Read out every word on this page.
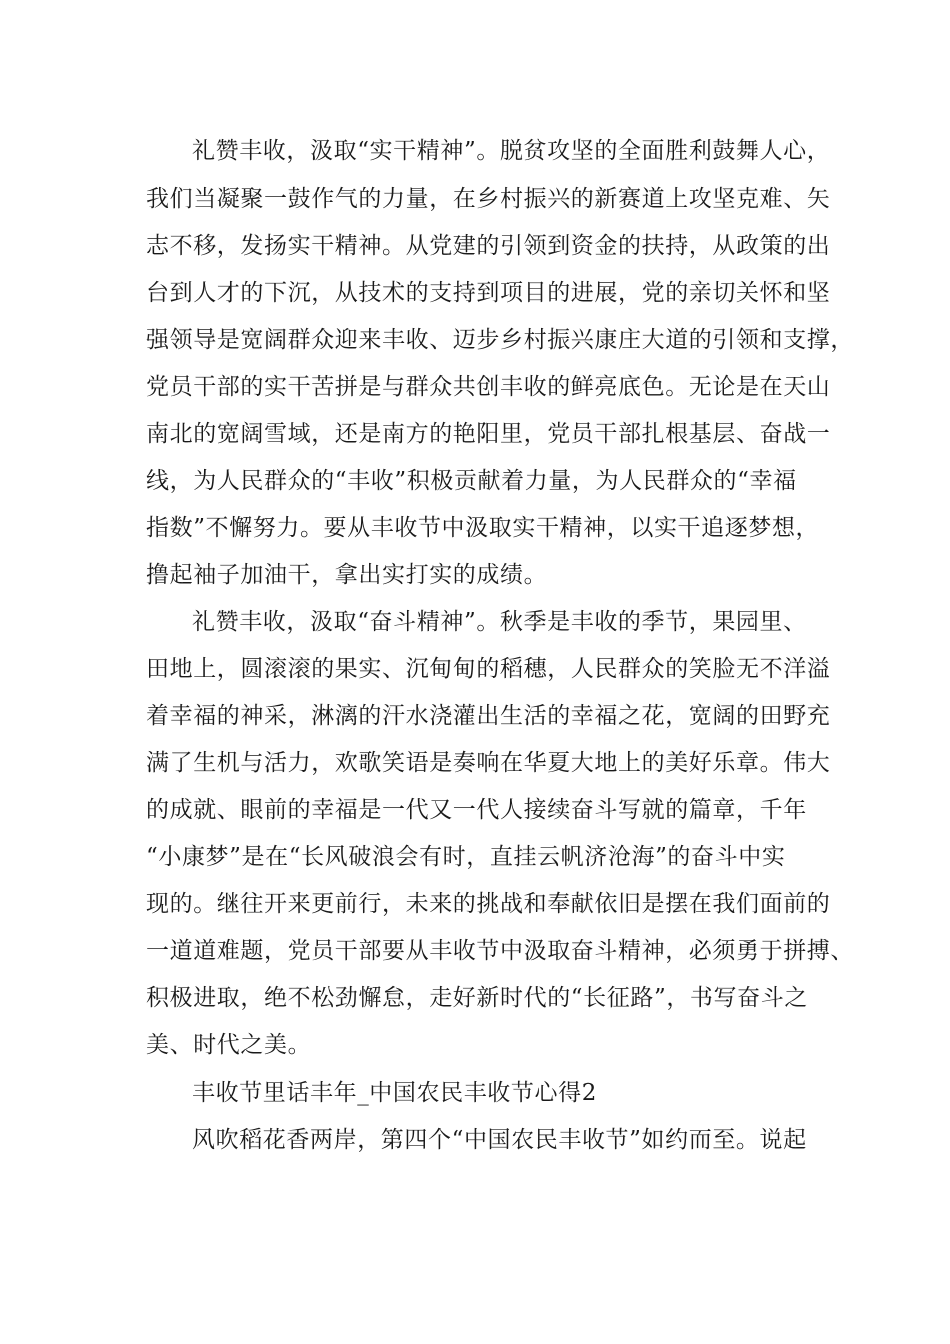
礼赞丰收，汲取“实干精神”。脱贫攻坚的全面胜利鼓舞人心，
我们当凝聚一鼓作气的力量，在乡村振兴的新赛道上攻坚克难、矢
志不移，发扬实干精神。从党建的引领到资金的扶持，从政策的出
台到人才的下沉，从技术的支持到项目的进展，党的亲切关怀和坚
强领导是宽阔群众迎来丰收、迈步乡村振兴康庄大道的引领和支撑，
党员干部的实干苦拼是与群众共创丰收的鲜亮底色。无论是在天山
南北的宽阔雪域，还是南方的艳阳里，党员干部扎根基层、奋战一
线，为人民群众的“丰收”积极贡献着力量，为人民群众的“幸福
指数”不懈努力。要从丰收节中汲取实干精神，以实干追逐梦想，
撸起袖子加油干，拿出实打实的成绩。
礼赞丰收，汲取“奋斗精神”。秋季是丰收的季节，果园里、
田地上，圆滚滚的果实、沉甸甸的稻穗，人民群众的笑脸无不洋溢
着幸福的神采，淋漓的汗水浇灌出生活的幸福之花，宽阔的田野充
满了生机与活力，欢歌笑语是奏响在华夏大地上的美好乐章。伟大
的成就、眼前的幸福是一代又一代人接续奋斗写就的篇章，千年
“小康梦”是在“长风破浪会有时，直挂云帆济沧海”的奋斗中实
现的。继往开来更前行，未来的挑战和奉献依旧是摆在我们面前的
一道道难题，党员干部要从丰收节中汲取奋斗精神，必须勇于拼搏、
积极进取，绝不松劲懈怠，走好新时代的“长征路”，书写奋斗之
美、时代之美。
丰收节里话丰年_中国农民丰收节心得2
风吹稻花香两岸，第四个“中国农民丰收节”如约而至。说起
